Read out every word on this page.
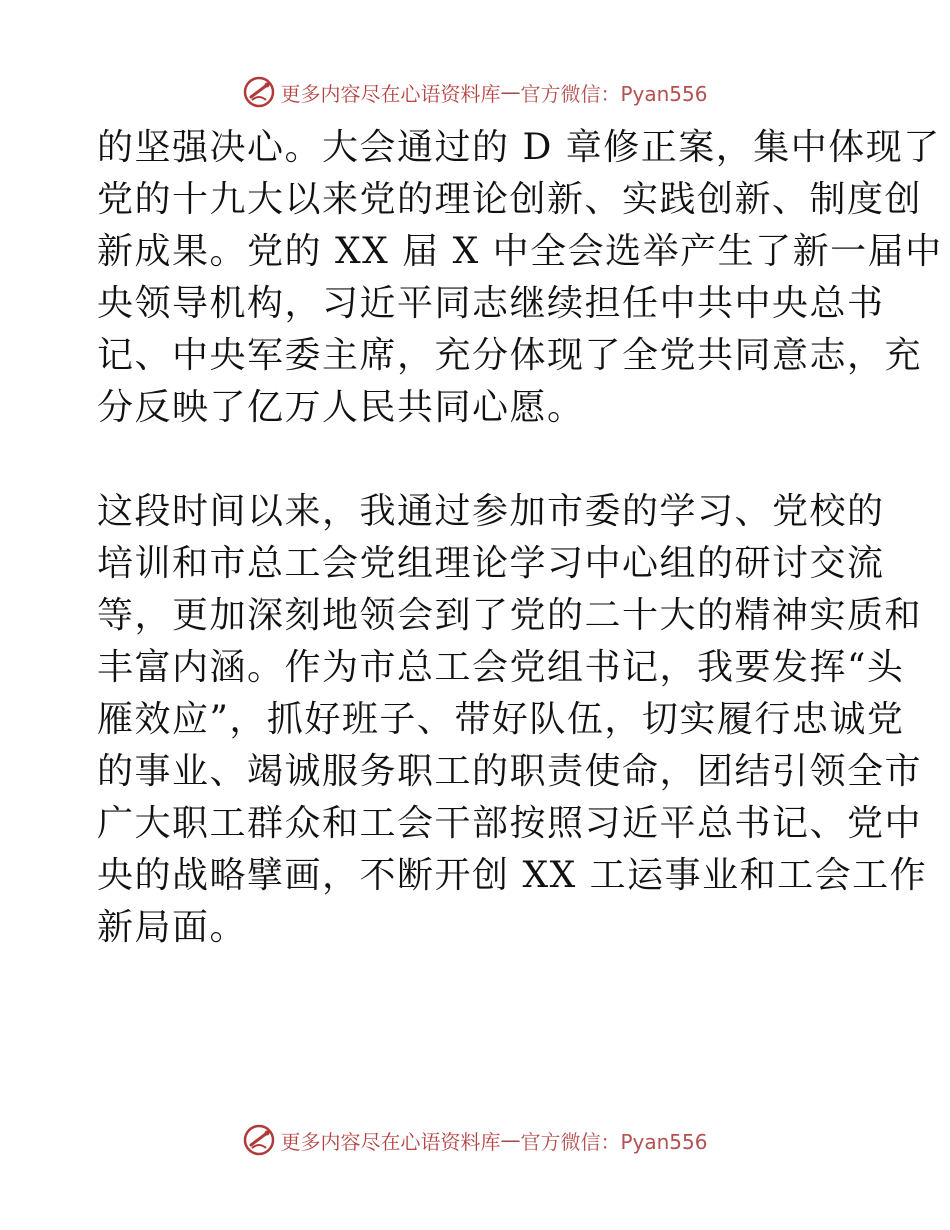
更多内容尽在心语资料库 — 官方微信：Pyan556
的坚强决心。大会通过的 D 章修正案，集中体现了
党的十九大以来党的理论创新、实践创新、制度创
新成果。党的 XX 届 X 中全会选举产生了新一届中
央领导机构，习近平同志继续担任中共中央总书
记、中央军委主席，充分体现了全党共同意志，充
分反映了亿万人民共同心愿。
这段时间以来，我通过参加市委的学习、党校的
培训和市总工会党组理论学习中心组的研讨交流
等，更加深刻地领会到了党的二十大的精神实质和
丰富内涵。作为市总工会党组书记，我要发挥“头
雁效应”，抓好班子、带好队伍，切实履行忠诚党
的事业、竭诚服务职工的职责使命，团结引领全市
广大职工群众和工会干部按照习近平总书记、党中
央的战略擘画，不断开创 XX 工运事业和工会工作
新局面。
更多内容尽在心语资料库 — 官方微信：Pyan556
